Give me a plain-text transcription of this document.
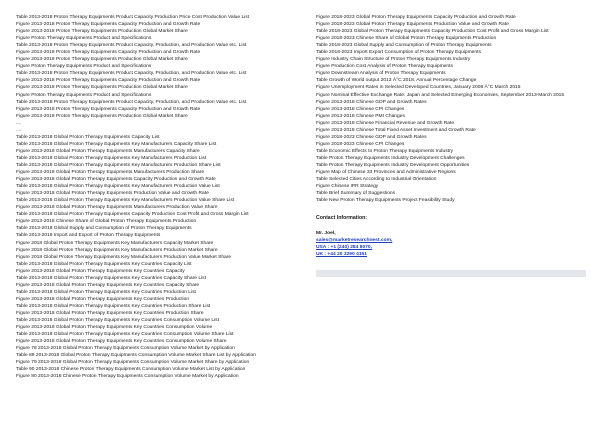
Table 2013-2018 Proton Therapy Equipments Product Capacity Production Price Cost Production Value List
Figure 2013-2018 Proton Therapy Equipments Capacity Production and Growth Rate
Figure 2013-2018 Proton Therapy Equipments Production Global Market Share
Figure Proton Therapy Equipments Product and Specifications
Table 2013-2018 Proton Therapy Equipments Product Capacity, Production, and Production Value etc. List
Figure 2013-2018 Proton Therapy Equipments Capacity Production and Growth Rate
Figure 2013-2018 Proton Therapy Equipments Production Global Market Share
Figure Proton Therapy Equipments Product and Specifications
Table 2013-2018 Proton Therapy Equipments Product Capacity, Production, and Production Value etc. List
Figure 2013-2018 Proton Therapy Equipments Capacity Production and Growth Rate
Figure 2013-2018 Proton Therapy Equipments Production Global Market Share
Figure Proton Therapy Equipments Product and Specifications
Table 2013-2018 Proton Therapy Equipments Product Capacity, Production, and Production Value etc. List
Figure 2013-2018 Proton Therapy Equipments Capacity Production and Growth Rate
Figure 2013-2018 Proton Therapy Equipments Production Global Market Share
....
....
Table 2013-2018 Global Proton Therapy Equipments Capacity List
Table 2013-2018 Global Proton Therapy Equipments Key Manufacturers Capacity Share List
Figure 2013-2018 Global Proton Therapy Equipments Manufacturers Capacity Share
Table 2013-2018 Global Proton Therapy Equipments Key Manufacturers Production List
Table 2013-2018 Global Proton Therapy Equipments Key Manufacturers Production Share List
Figure 2013-2018 Global Proton Therapy Equipments Manufacturers Production Share
Figure 2013-2018 Global Proton Therapy Equipments Capacity Production and Growth Rate
Table 2013-2018 Global Proton Therapy Equipments Key Manufacturers Production Value List
Figure 2013-2018 Global Proton Therapy Equipments Production Value and Growth Rate
Table 2013-2018 Global Proton Therapy Equipments Key Manufacturers Production Value Share List
Figure 2013-2018 Global Proton Therapy Equipments Manufacturers Production Value Share
Table 2013-2018 Global Proton Therapy Equipments Capacity Production Cost Profit and Gross Margin List
Figure 2013-2018 Chinese Share of Global Proton Therapy Equipments Production
Table 2013-2018 Global Supply and Consumption of Proton Therapy Equipments
Table 2013-2018 Import and Export of Proton Therapy Equipments
Figure 2018 Global Proton Therapy Equipments Key Manufacturers Capacity Market Share
Figure 2018 Global Proton Therapy Equipments Key Manufacturers Production Market Share
Figure 2018 Global Proton Therapy Equipments Key Manufacturers Production Value Market Share
Table 2013-2018 Global Proton Therapy Equipments Key Countries Capacity List
Figure 2013-2018 Global Proton Therapy Equipments Key Countries Capacity
Table 2013-2018 Global Proton Therapy Equipments Key Countries Capacity Share List
Figure 2013-2018 Global Proton Therapy Equipments Key Countries Capacity Share
Table 2013-2018 Global Proton Therapy Equipments Key Countries Production List
Figure 2013-2018 Global Proton Therapy Equipments Key Countries Production
Table 2013-2018 Global Proton Therapy Equipments Key Countries Production Share List
Figure 2013-2018 Global Proton Therapy Equipments Key Countries Production Share
Table 2013-2018 Global Proton Therapy Equipments Key Countries Consumption Volume List
Figure 2013-2018 Global Proton Therapy Equipments Key Countries Consumption Volume
Table 2013-2018 Global Proton Therapy Equipments Key Countries Consumption Volume Share List
Figure 2013-2018 Global Proton Therapy Equipments Key Countries Consumption Volume Share
Figure 78 2013-2018 Global Proton Therapy Equipments Consumption Volume Market by Application
Table 89 2013-2018 Global Proton Therapy Equipments Consumption Volume Market Share List by Application
Figure 79 2013-2018 Global Proton Therapy Equipments Consumption Volume Market Share by Application
Table 90 2013-2018 Chinese Proton Therapy Equipments Consumption Volume Market List by Application
Figure 80 2013-2018 Chinese Proton Therapy Equipments Consumption Volume Market by Application
Figure 2018-2023 Global Proton Therapy Equipments Capacity Production and Growth Rate
Figure 2018-2023 Global Proton Therapy Equipments Production Value and Growth Rate
Table 2018-2023 Global Proton Therapy Equipments Capacity Production Cost Profit and Gross Margin List
Figure 2018-2023 Chinese Share of Global Proton Therapy Equipments Production
Table 2018-2023 Global Supply and Consumption of Proton Therapy Equipments
Table 2018-2023 Import Export Consumption of Proton Therapy Equipments
Figure Industry Chain Structure of Proton Therapy Equipments Industry
Figure Production Cost Analysis of Proton Therapy Equipments
Figure Downstream Analysis of Proton Therapy Equipments
Table Growth of World output 2013 Â°C 2018, Annual Percentage Change
Figure Unemployment Rates in Selected Developed Countries, January 2008 Â°C March 2015
Figure Nominal Effective Exchange Rate: Japan and Selected Emerging Economies, September 2013-March 2015
Figure 2013-2018 Chinese GDP and Growth Rates
Figure 2013-2018 Chinese CPI Changes
Figure 2013-2018 Chinese PMI Changes
Figure 2013-2018 Chinese Financial Revenue and Growth Rate
Figure 2013-2018 Chinese Total Fixed Asset Investment and Growth Rate
Figure 2018-2023 Chinese GDP and Growth Rates
Figure 2018-2023 Chinese CPI Changes
Table Economic Effects to Proton Therapy Equipments Industry
Table Proton Therapy Equipments Industry Development Challenges
Table Proton Therapy Equipments Industry Development Opportunities
Figure Map of Chinese 33 Provinces and Administrative Regions
Table Selected Cities According to Industrial Orientation
Figure Chinese IPR Strategy
Table Brief Summary of Suggestions
Table New Proton Therapy Equipments Project Feasibility Study
Contact Information:
Mr. Joel,
sales@marketresearchnest.com,
USA : +1 (240) 284 8070,
UK : +44 20 3290 4151
